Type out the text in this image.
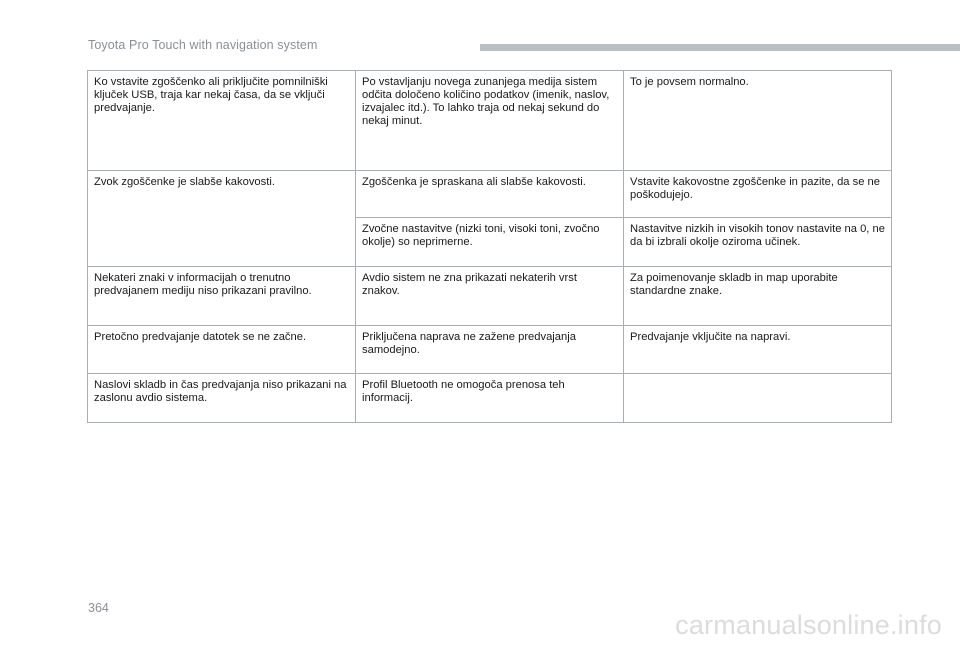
Toyota Pro Touch with navigation system
Ko vstavite zgoščenko ali priključite pomnilniški ključek USB, traja kar nekaj časa, da se vključi predvajanje.	Po vstavljanju novega zunanjega medija sistem odčita določeno količino podatkov (imenik, naslov, izvajalec itd.). To lahko traja od nekaj sekund do nekaj minut.	To je povsem normalno.
Zvok zgoščenke je slabše kakovosti.	Zgoščenka je spraskana ali slabše kakovosti.	Vstavite kakovostne zgoščenke in pazite, da se ne poškodujejo.
	Zvočne nastavitve (nizki toni, visoki toni, zvočno okolje) so neprimerne.	Nastavitve nizkih in visokih tonov nastavite na 0, ne da bi izbrali okolje oziroma učinek.
Nekateri znaki v informacijah o trenutno predvajanem mediju niso prikazani pravilno.	Avdio sistem ne zna prikazati nekaterih vrst znakov.	Za poimenovanje skladb in map uporabite standardne znake.
Pretočno predvajanje datotek se ne začne.	Priključena naprava ne zažene predvajanja samodejno.	Predvajanje vključite na napravi.
Naslovi skladb in čas predvajanja niso prikazani na zaslonu avdio sistema.	Profil Bluetooth ne omogoča prenosa teh informacij.	
364
carmanualsonline.info
